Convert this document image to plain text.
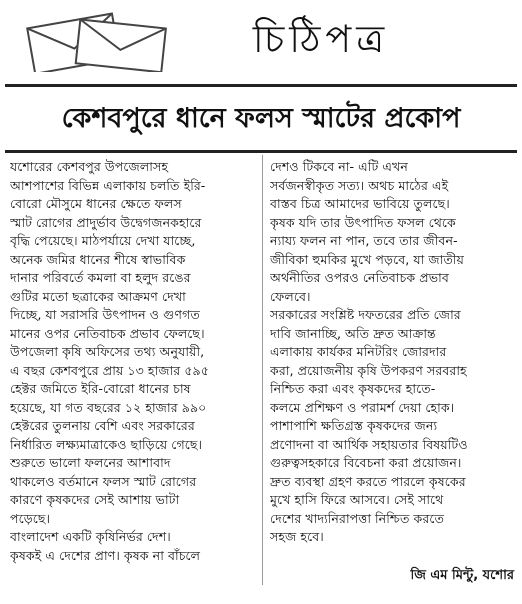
চিঠিপত্র
কেশবপুরে ধানে ফলস স্মাটের প্রকোপ
যশোরের কেশবপুর উপজেলাসহ
আশপাশের বিভিন্ন এলাকায় চলতি ইরি-
বোরো মৌসুমে ধানের ক্ষেতে ফলস
স্মাট রোগের প্রাদুর্ভাব উদ্বেগজনকহারে
বৃদ্ধি পেয়েছে। মাঠপর্যায়ে দেখা যাচ্ছে,
অনেক জমির ধানের শীষে স্বাভাবিক
দানার পরিবর্তে কমলা বা হলুদ রঙের
গুটির মতো ছত্রাকের আক্রমণ দেখা
দিচ্ছে, যা সরাসরি উৎপাদন ও গুণগত
মানের ওপর নেতিবাচক প্রভাব ফেলছে।
উপজেলা কৃষি অফিসের তথ্য অনুযায়ী,
এ বছর কেশবপুরে প্রায় ১৩ হাজার ৫৯৫
হেক্টর জমিতে ইরি-বোরো ধানের চাষ
হয়েছে, যা গত বছরের ১২ হাজার ৯৯০
হেক্টরের তুলনায় বেশি এবং সরকারের
নির্ধারিত লক্ষ্যমাত্রাকেও ছাড়িয়ে গেছে।
শুরুতে ভালো ফলনের আশাবাদ
থাকলেও বর্তমানে ফলস স্মাট রোগের
কারণে কৃষকদের সেই আশায় ভাটা
পড়েছে।
বাংলাদেশ একটি কৃষিনির্ভর দেশ।
কৃষকই এ দেশের প্রাণ। কৃষক না বাঁচলে
দেশও টিকবে না- এটি এখন
সর্বজনস্বীকৃত সত্য। অথচ মাঠের এই
বাস্তব চিত্র আমাদের ভাবিয়ে তুলছে।
কৃষক যদি তার উৎপাদিত ফসল থেকে
ন্যায্য ফলন না পান, তবে তার জীবন-
জীবিকা হুমকির মুখে পড়বে, যা জাতীয়
অর্থনীতির ওপরও নেতিবাচক প্রভাব
ফেলবে।
সরকারের সংশ্লিষ্ট দফতরের প্রতি জোর
দাবি জানাচ্ছি, অতি দ্রুত আক্রান্ত
এলাকায় কার্যকর মনিটরিং জোরদার
করা, প্রয়োজনীয় কৃষি উপকরণ সরবরাহ
নিশ্চিত করা এবং কৃষকদের হাতে-
কলমে প্রশিক্ষণ ও পরামর্শ দেয়া হোক।
পাশাপাশি ক্ষতিগ্রস্ত কৃষকদের জন্য
প্রণোদনা বা আর্থিক সহায়তার বিষয়টিও
গুরুত্বসহকারে বিবেচনা করা প্রয়োজন।
দ্রুত ব্যবস্থা গ্রহণ করতে পারলে কৃষকের
মুখে হাসি ফিরে আসবে। সেই সাথে
দেশের খাদ্যনিরাপত্তা নিশ্চিত করতে
সহজ হবে।
জি এম মিন্টু, যশোর
